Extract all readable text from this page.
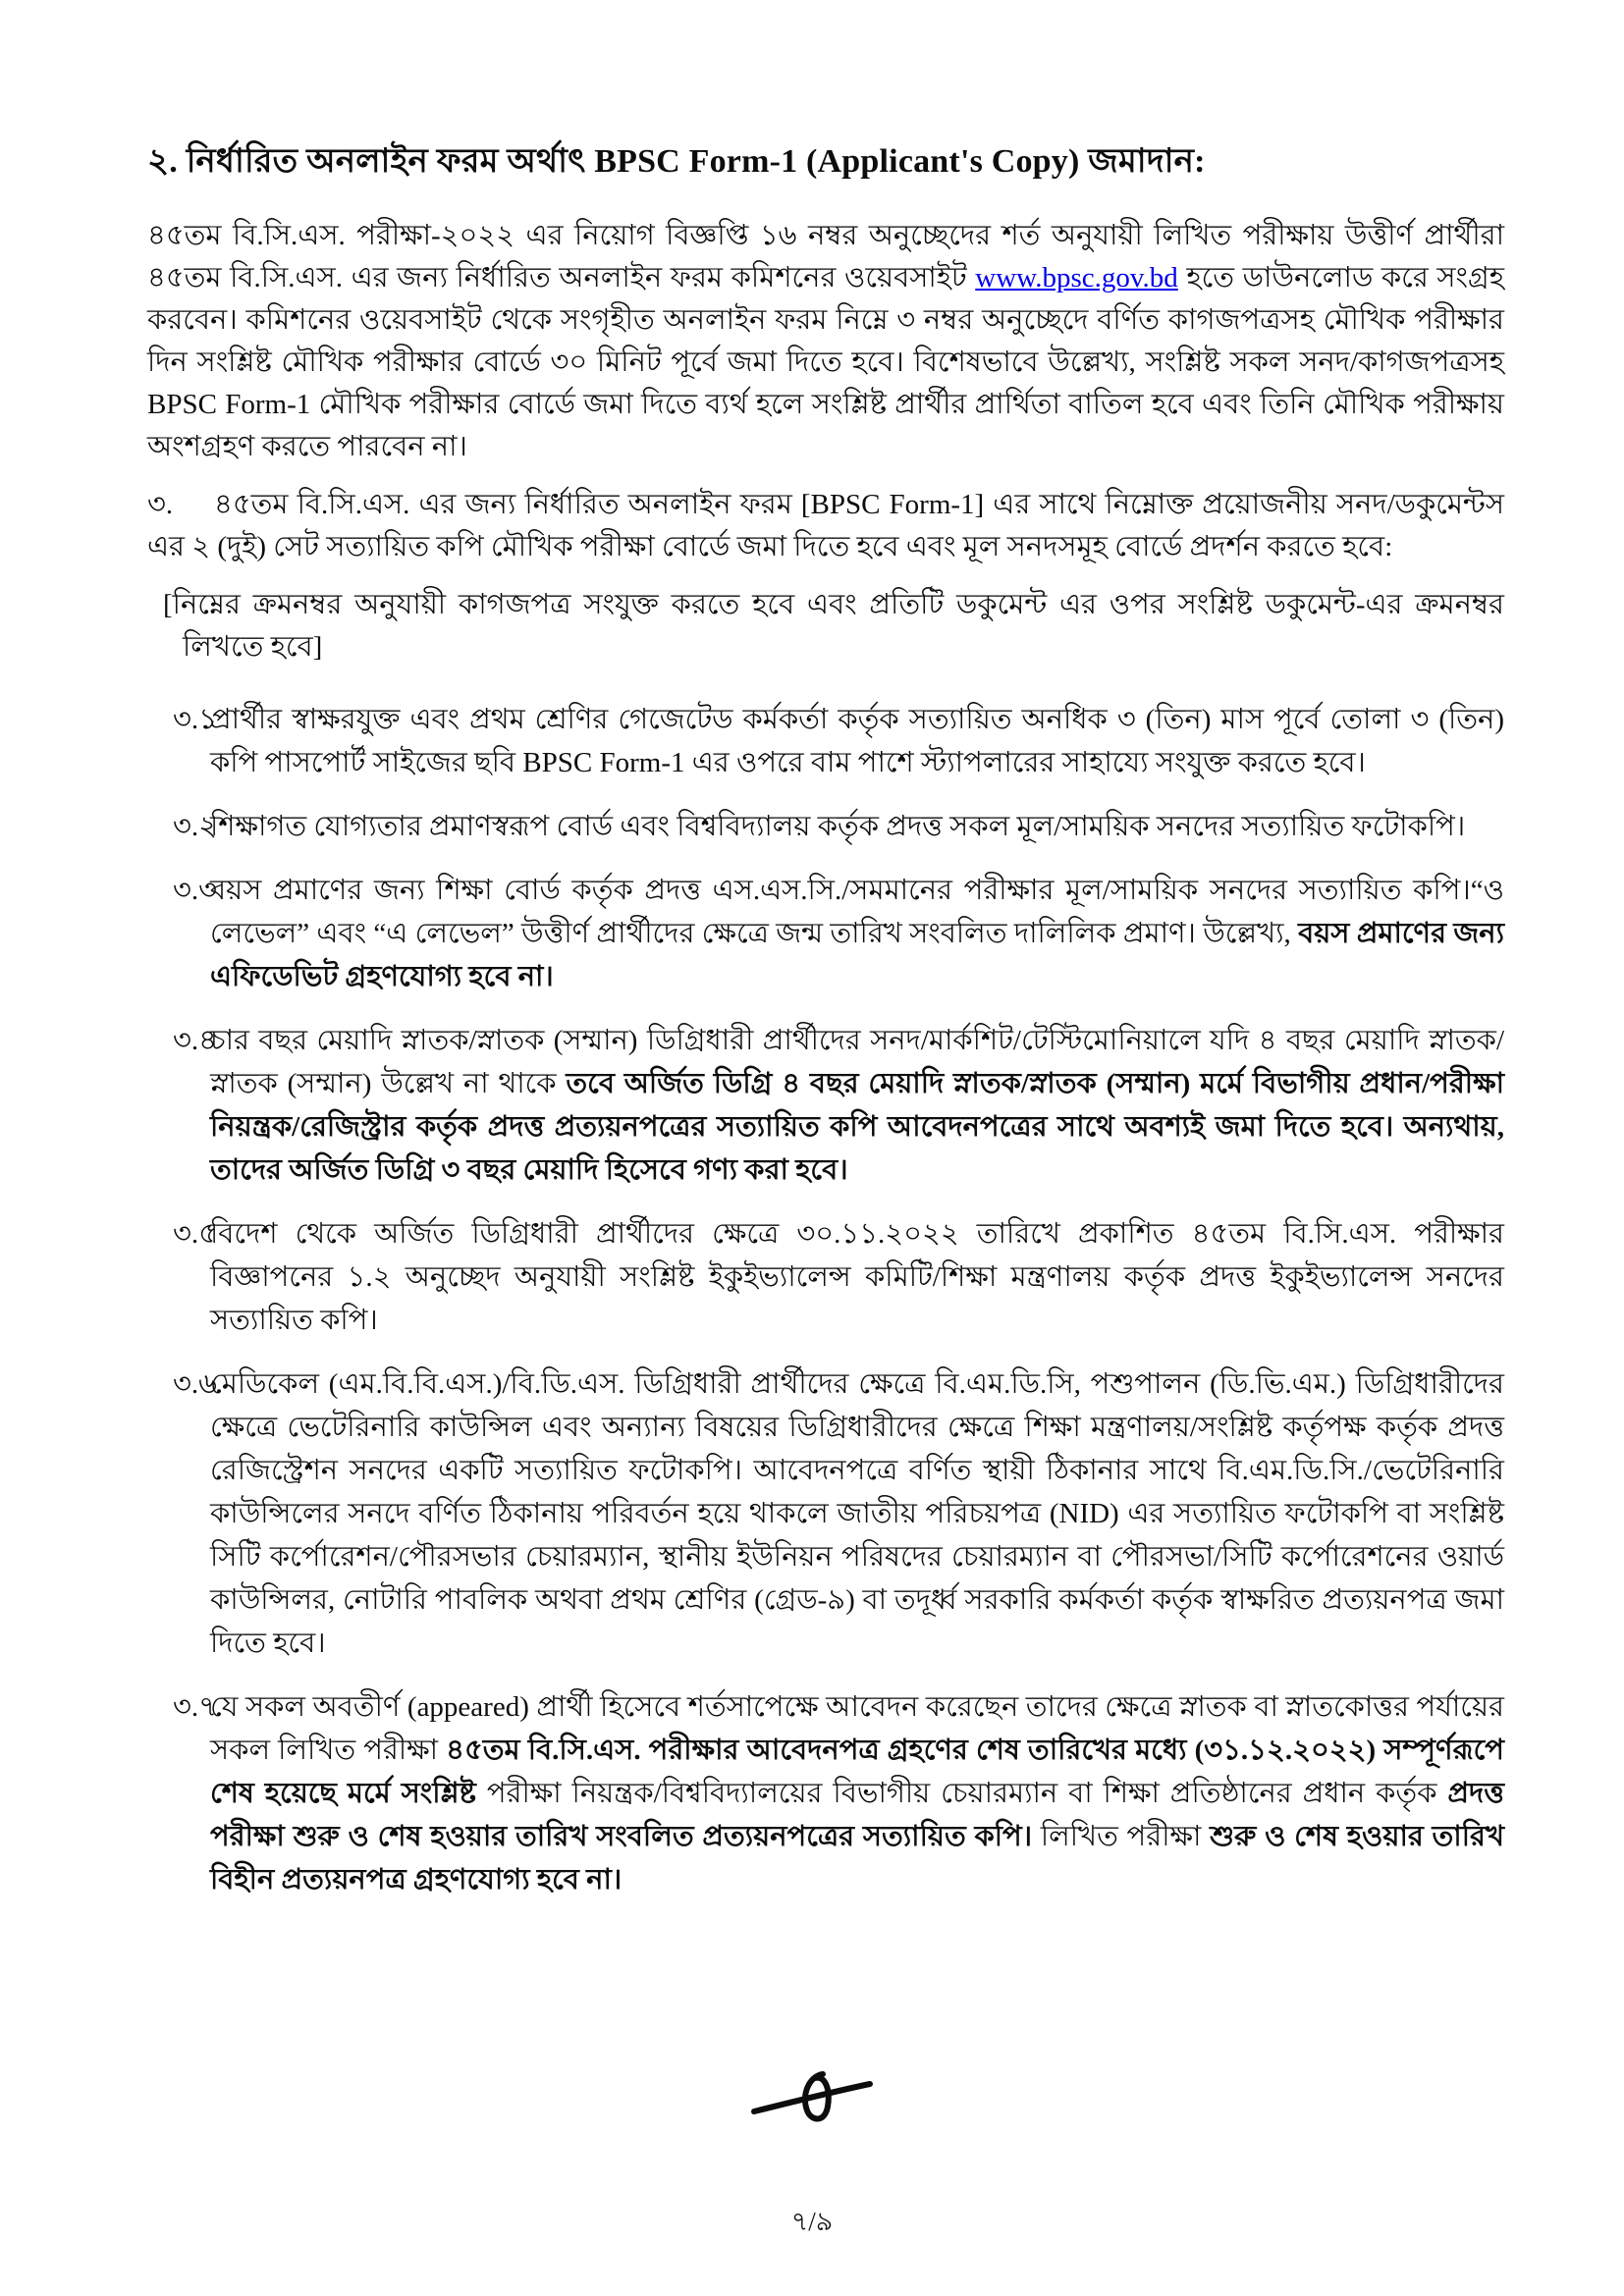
২. নির্ধারিত অনলাইন ফরম অর্থাৎ BPSC Form-1 (Applicant's Copy) জমাদান:

৪৫তম বি.সি.এস. পরীক্ষা-২০২২ এর নিয়োগ বিজ্ঞপ্তি ১৬ নম্বর অনুচ্ছেদের শর্ত অনুযায়ী লিখিত পরীক্ষায় উত্তীর্ণ প্রার্থীরা ৪৫তম বি.সি.এস. এর জন্য নির্ধারিত অনলাইন ফরম কমিশনের ওয়েবসাইট www.bpsc.gov.bd হতে ডাউনলোড করে সংগ্রহ করবেন। কমিশনের ওয়েবসাইট থেকে সংগৃহীত অনলাইন ফরম নিম্নে ৩ নম্বর অনুচ্ছেদে বর্ণিত কাগজপত্রসহ মৌখিক পরীক্ষার দিন সংশ্লিষ্ট মৌখিক পরীক্ষার বোর্ডে ৩০ মিনিট পূর্বে জমা দিতে হবে। বিশেষভাবে উল্লেখ্য, সংশ্লিষ্ট সকল সনদ/কাগজপত্রসহ BPSC Form-1 মৌখিক পরীক্ষার বোর্ডে জমা দিতে ব্যর্থ হলে সংশ্লিষ্ট প্রার্থীর প্রার্থিতা বাতিল হবে এবং তিনি মৌখিক পরীক্ষায় অংশগ্রহণ করতে পারবেন না।

৩. ৪৫তম বি.সি.এস. এর জন্য নির্ধারিত অনলাইন ফরম [BPSC Form-1] এর সাথে নিম্নোক্ত প্রয়োজনীয় সনদ/ডকুমেন্টস এর ২ (দুই) সেট সত্যায়িত কপি মৌখিক পরীক্ষা বোর্ডে জমা দিতে হবে এবং মূল সনদসমূহ বোর্ডে প্রদর্শন করতে হবে:

[নিম্নের ক্রমনম্বর অনুযায়ী কাগজপত্র সংযুক্ত করতে হবে এবং প্রতিটি ডকুমেন্ট এর ওপর সংশ্লিষ্ট ডকুমেন্ট-এর ক্রমনম্বর লিখতে হবে]

৩.১
প্রার্থীর স্বাক্ষরযুক্ত এবং প্রথম শ্রেণির গেজেটেড কর্মকর্তা কর্তৃক সত্যায়িত অনধিক ৩ (তিন) মাস পূর্বে তোলা ৩ (তিন) কপি পাসপোর্ট সাইজের ছবি BPSC Form-1 এর ওপরে বাম পাশে স্ট্যাপলারের সাহায্যে সংযুক্ত করতে হবে।
৩.২
শিক্ষাগত যোগ্যতার প্রমাণস্বরূপ বোর্ড এবং বিশ্ববিদ্যালয় কর্তৃক প্রদত্ত সকল মূল/সাময়িক সনদের সত্যায়িত ফটোকপি।
৩.৩
বয়স প্রমাণের জন্য শিক্ষা বোর্ড কর্তৃক প্রদত্ত এস.এস.সি./সমমানের পরীক্ষার মূল/সাময়িক সনদের সত্যায়িত কপি।“ও লেভেল” এবং “এ লেভেল” উত্তীর্ণ প্রার্থীদের ক্ষেত্রে জন্ম তারিখ সংবলিত দালিলিক প্রমাণ। উল্লেখ্য, বয়স প্রমাণের জন্য এফিডেভিট গ্রহণযোগ্য হবে না।
৩.৪
চার বছর মেয়াদি স্নাতক/স্নাতক (সম্মান) ডিগ্রিধারী প্রার্থীদের সনদ/মার্কশিট/টেস্টিমোনিয়ালে যদি ৪ বছর মেয়াদি স্নাতক/স্নাতক (সম্মান) উল্লেখ না থাকে তবে অর্জিত ডিগ্রি ৪ বছর মেয়াদি স্নাতক/স্নাতক (সম্মান) মর্মে বিভাগীয় প্রধান/পরীক্ষা নিয়ন্ত্রক/রেজিস্ট্রার কর্তৃক প্রদত্ত প্রত্যয়নপত্রের সত্যায়িত কপি আবেদনপত্রের সাথে অবশ্যই জমা দিতে হবে। অন্যথায়, তাদের অর্জিত ডিগ্রি ৩ বছর মেয়াদি হিসেবে গণ্য করা হবে।
৩.৫
বিদেশ থেকে অর্জিত ডিগ্রিধারী প্রার্থীদের ক্ষেত্রে ৩০.১১.২০২২ তারিখে প্রকাশিত ৪৫তম বি.সি.এস. পরীক্ষার বিজ্ঞাপনের ১.২ অনুচ্ছেদ অনুযায়ী সংশ্লিষ্ট ইকুইভ্যালেন্স কমিটি/শিক্ষা মন্ত্রণালয় কর্তৃক প্রদত্ত ইকুইভ্যালেন্স সনদের সত্যায়িত কপি।
৩.৬
মেডিকেল (এম.বি.বি.এস.)/বি.ডি.এস. ডিগ্রিধারী প্রার্থীদের ক্ষেত্রে বি.এম.ডি.সি, পশুপালন (ডি.ভি.এম.) ডিগ্রিধারীদের ক্ষেত্রে ভেটেরিনারি কাউন্সিল এবং অন্যান্য বিষয়ের ডিগ্রিধারীদের ক্ষেত্রে শিক্ষা মন্ত্রণালয়/সংশ্লিষ্ট কর্তৃপক্ষ কর্তৃক প্রদত্ত রেজিস্ট্রেশন সনদের একটি সত্যায়িত ফটোকপি। আবেদনপত্রে বর্ণিত স্থায়ী ঠিকানার সাথে বি.এম.ডি.সি./ভেটেরিনারি কাউন্সিলের সনদে বর্ণিত ঠিকানায় পরিবর্তন হয়ে থাকলে জাতীয় পরিচয়পত্র (NID) এর সত্যায়িত ফটোকপি বা সংশ্লিষ্ট সিটি কর্পোরেশন/পৌরসভার চেয়ারম্যান, স্থানীয় ইউনিয়ন পরিষদের চেয়ারম্যান বা পৌরসভা/সিটি কর্পোরেশনের ওয়ার্ড কাউন্সিলর, নোটারি পাবলিক অথবা প্রথম শ্রেণির (গ্রেড-৯) বা তদূর্ধ্ব সরকারি কর্মকর্তা কর্তৃক স্বাক্ষরিত প্রত্যয়নপত্র জমা দিতে হবে।
৩.৭
যে সকল অবতীর্ণ (appeared) প্রার্থী হিসেবে শর্তসাপেক্ষে আবেদন করেছেন তাদের ক্ষেত্রে স্নাতক বা স্নাতকোত্তর পর্যায়ের সকল লিখিত পরীক্ষা ৪৫তম বি.সি.এস. পরীক্ষার আবেদনপত্র গ্রহণের শেষ তারিখের মধ্যে (৩১.১২.২০২২) সম্পূর্ণরূপে শেষ হয়েছে মর্মে সংশ্লিষ্ট পরীক্ষা নিয়ন্ত্রক/বিশ্ববিদ্যালয়ের বিভাগীয় চেয়ারম্যান বা শিক্ষা প্রতিষ্ঠানের প্রধান কর্তৃক প্রদত্ত পরীক্ষা শুরু ও শেষ হওয়ার তারিখ সংবলিত প্রত্যয়নপত্রের সত্যায়িত কপি। লিখিত পরীক্ষা শুরু ও শেষ হওয়ার তারিখ বিহীন প্রত্যয়নপত্র গ্রহণযোগ্য হবে না।
৭/৯
